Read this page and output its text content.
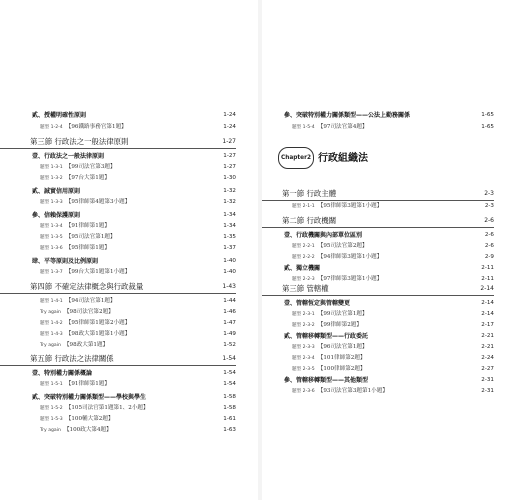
貳、授權明確性原則	1-24
題型 1-2-4 【96鐵路事務官第1題】	1-24
第三節 行政法之一般法律原則	1-27
壹、行政法之一般法律原則	1-27
題型 1-3-1 【99司法官第3題】	1-27
題型 1-3-2 【97台大第1題】	1-30
貳、誠實信用原則	1-32
題型 1-3-3 【95律師第4題第3小題】	1-32
參、信賴保護原則	1-34
題型 1-3-4 【91律師第1題】	1-34
題型 1-3-5 【95司法官第1題】	1-35
題型 1-3-6 【95律師第1題】	1-37
肆、平等原則及比例原則	1-40
題型 1-3-7 【99台大第1題第1小題】	1-40
第四節 不確定法律概念與行政裁量	1-43
題型 1-4-1 【94司法官第1題】	1-44
Try again 【98司法官第2題】	1-46
題型 1-4-2 【95律師第1題第2小題】	1-47
題型 1-4-3 【98政大第1題第1小題】	1-49
Try again 【98政大第1題】	1-52
第五節 行政法之法律關係	1-54
壹、特別權力關係概論	1-54
題型 1-5-1 【91律師第1題】	1-54
貳、突破特別權力關係類型——學校與學生	1-58
題型 1-5-2 【105司法官第1題第1、2小題】	1-58
題型 1-5-3 【100輔大第2題】	1-61
Try again 【100政大第4題】	1-63
參、突破特別權力關係類型——公法上勤務關係	1-65
題型 1-5-4 【97司法官第4題】	1-65
第一節 行政主體	2-3
題型 2-1-1 【95律師第3題第1小題】	2-3
第二節 行政機關	2-6
壹、行政機關與內部單位區別	2-6
題型 2-2-1 【95司法官第2題】	2-6
題型 2-2-2 【94律師第3題第1小題】	2-9
貳、獨立機關	2-11
題型 2-2-3 【97律師第3題第1小題】	2-11
第三節 管轄權	2-14
壹、管轄恆定與管轄變更	2-14
題型 2-3-1 【99司法官第1題】	2-14
題型 2-3-2 【99律師第2題】	2-17
貳、管轄移轉類型——行政委託	2-21
題型 2-3-3 【96司法官第1題】	2-21
題型 2-3-4 【101律師第2題】	2-24
題型 2-3-5 【100律師第2題】	2-27
參、管轄移轉類型——其他類型	2-31
題型 2-3-6 【93司法官第3題第1小題】	2-31
Chapter2 行政組織法
